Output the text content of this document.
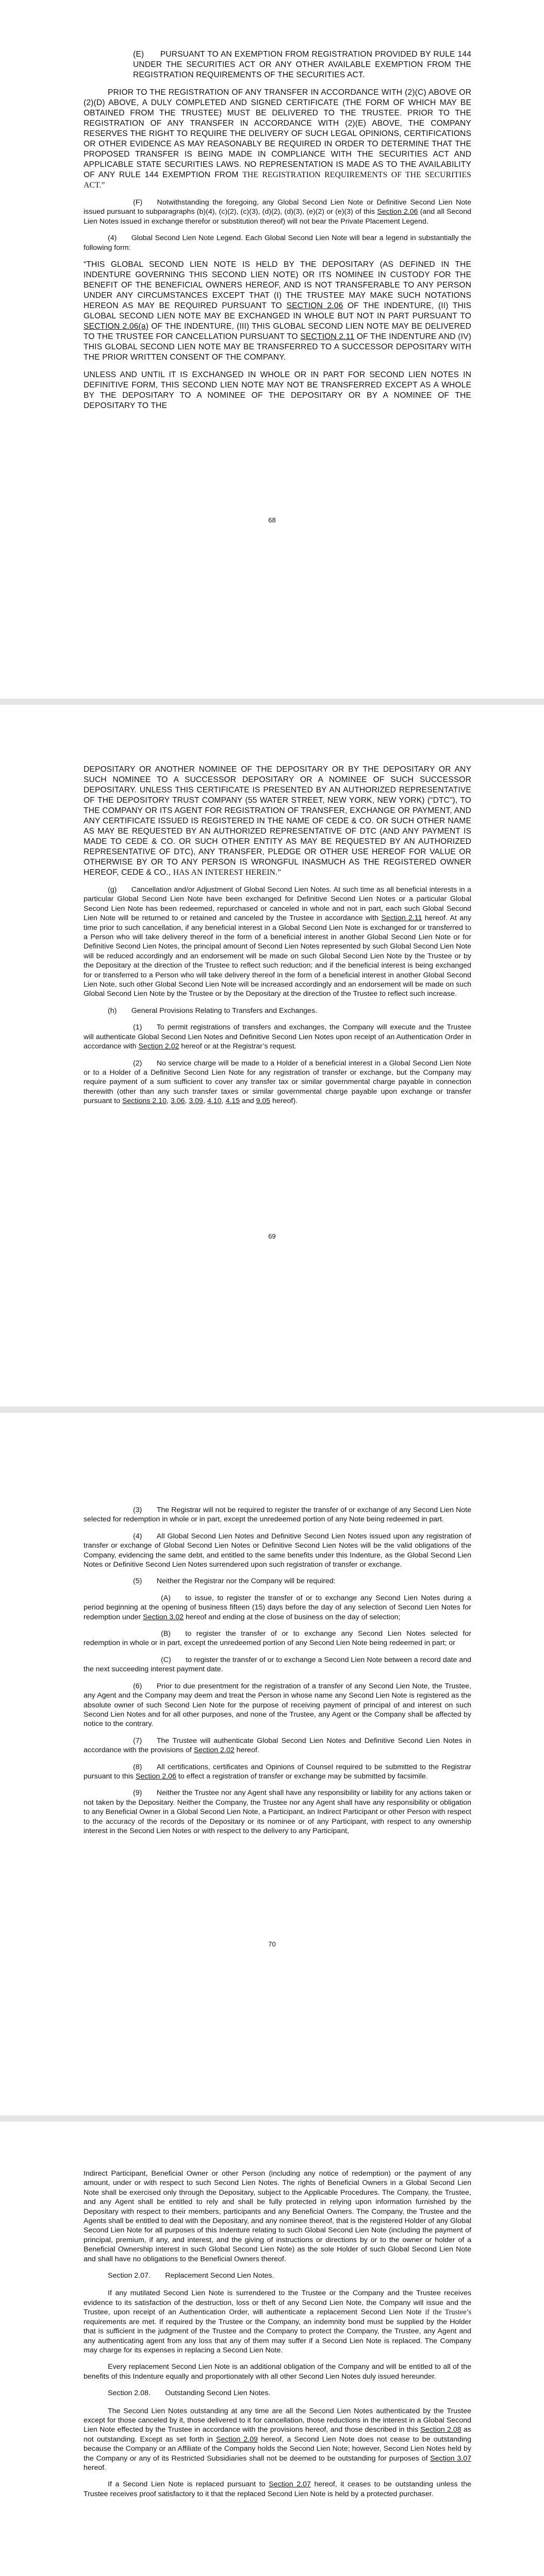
(E)  PURSUANT TO AN EXEMPTION FROM REGISTRATION PROVIDED BY RULE 144 UNDER THE SECURITIES ACT OR ANY OTHER AVAILABLE EXEMPTION FROM THE REGISTRATION REQUIREMENTS OF THE SECURITIES ACT.

PRIOR TO THE REGISTRATION OF ANY TRANSFER IN ACCORDANCE WITH (2)(C) ABOVE OR (2)(D) ABOVE, A DULY COMPLETED AND SIGNED CERTIFICATE (THE FORM OF WHICH MAY BE OBTAINED FROM THE TRUSTEE) MUST BE DELIVERED TO THE TRUSTEE. PRIOR TO THE REGISTRATION OF ANY TRANSFER IN ACCORDANCE WITH (2)(E) ABOVE, THE COMPANY RESERVES THE RIGHT TO REQUIRE THE DELIVERY OF SUCH LEGAL OPINIONS, CERTIFICATIONS OR OTHER EVIDENCE AS MAY REASONABLY BE REQUIRED IN ORDER TO DETERMINE THAT THE PROPOSED TRANSFER IS BEING MADE IN COMPLIANCE WITH THE SECURITIES ACT AND APPLICABLE STATE SECURITIES LAWS. NO REPRESENTATION IS MADE AS TO THE AVAILABILITY OF ANY RULE 144 EXEMPTION FROM THE REGISTRATION REQUIREMENTS OF THE SECURITIES ACT.”

(F)  Notwithstanding the foregoing, any Global Second Lien Note or Definitive Second Lien Note issued pursuant to subparagraphs (b)(4), (c)(2), (c)(3), (d)(2), (d)(3), (e)(2) or (e)(3) of this Section 2.06 (and all Second Lien Notes issued in exchange therefor or substitution thereof) will not bear the Private Placement Legend.

(4)  Global Second Lien Note Legend. Each Global Second Lien Note will bear a legend in substantially the following form:

“THIS GLOBAL SECOND LIEN NOTE IS HELD BY THE DEPOSITARY (AS DEFINED IN THE INDENTURE GOVERNING THIS SECOND LIEN NOTE) OR ITS NOMINEE IN CUSTODY FOR THE BENEFIT OF THE BENEFICIAL OWNERS HEREOF, AND IS NOT TRANSFERABLE TO ANY PERSON UNDER ANY CIRCUMSTANCES EXCEPT THAT (I) THE TRUSTEE MAY MAKE SUCH NOTATIONS HEREON AS MAY BE REQUIRED PURSUANT TO SECTION 2.06 OF THE INDENTURE, (II) THIS GLOBAL SECOND LIEN NOTE MAY BE EXCHANGED IN WHOLE BUT NOT IN PART PURSUANT TO SECTION 2.06(a) OF THE INDENTURE, (III) THIS GLOBAL SECOND LIEN NOTE MAY BE DELIVERED TO THE TRUSTEE FOR CANCELLATION PURSUANT TO SECTION 2.11 OF THE INDENTURE AND (IV) THIS GLOBAL SECOND LIEN NOTE MAY BE TRANSFERRED TO A SUCCESSOR DEPOSITARY WITH THE PRIOR WRITTEN CONSENT OF THE COMPANY.

UNLESS AND UNTIL IT IS EXCHANGED IN WHOLE OR IN PART FOR SECOND LIEN NOTES IN DEFINITIVE FORM, THIS SECOND LIEN NOTE MAY NOT BE TRANSFERRED EXCEPT AS A WHOLE BY THE DEPOSITARY TO A NOMINEE OF THE DEPOSITARY OR BY A NOMINEE OF THE DEPOSITARY TO THE

68

DEPOSITARY OR ANOTHER NOMINEE OF THE DEPOSITARY OR BY THE DEPOSITARY OR ANY SUCH NOMINEE TO A SUCCESSOR DEPOSITARY OR A NOMINEE OF SUCH SUCCESSOR DEPOSITARY. UNLESS THIS CERTIFICATE IS PRESENTED BY AN AUTHORIZED REPRESENTATIVE OF THE DEPOSITORY TRUST COMPANY (55 WATER STREET, NEW YORK, NEW YORK) (“DTC”), TO THE COMPANY OR ITS AGENT FOR REGISTRATION OF TRANSFER, EXCHANGE OR PAYMENT, AND ANY CERTIFICATE ISSUED IS REGISTERED IN THE NAME OF CEDE & CO. OR SUCH OTHER NAME AS MAY BE REQUESTED BY AN AUTHORIZED REPRESENTATIVE OF DTC (AND ANY PAYMENT IS MADE TO CEDE & CO. OR SUCH OTHER ENTITY AS MAY BE REQUESTED BY AN AUTHORIZED REPRESENTATIVE OF DTC), ANY TRANSFER, PLEDGE OR OTHER USE HEREOF FOR VALUE OR OTHERWISE BY OR TO ANY PERSON IS WRONGFUL INASMUCH AS THE REGISTERED OWNER HEREOF, CEDE & CO., HAS AN INTEREST HEREIN.”

(g)  Cancellation and/or Adjustment of Global Second Lien Notes. At such time as all beneficial interests in a particular Global Second Lien Note have been exchanged for Definitive Second Lien Notes or a particular Global Second Lien Note has been redeemed, repurchased or canceled in whole and not in part, each such Global Second Lien Note will be returned to or retained and canceled by the Trustee in accordance with Section 2.11 hereof. At any time prior to such cancellation, if any beneficial interest in a Global Second Lien Note is exchanged for or transferred to a Person who will take delivery thereof in the form of a beneficial interest in another Global Second Lien Note or for Definitive Second Lien Notes, the principal amount of Second Lien Notes represented by such Global Second Lien Note will be reduced accordingly and an endorsement will be made on such Global Second Lien Note by the Trustee or by the Depositary at the direction of the Trustee to reflect such reduction; and if the beneficial interest is being exchanged for or transferred to a Person who will take delivery thereof in the form of a beneficial interest in another Global Second Lien Note, such other Global Second Lien Note will be increased accordingly and an endorsement will be made on such Global Second Lien Note by the Trustee or by the Depositary at the direction of the Trustee to reflect such increase.

(h)  General Provisions Relating to Transfers and Exchanges.

(1)  To permit registrations of transfers and exchanges, the Company will execute and the Trustee will authenticate Global Second Lien Notes and Definitive Second Lien Notes upon receipt of an Authentication Order in accordance with Section 2.02 hereof or at the Registrar’s request.

(2)  No service charge will be made to a Holder of a beneficial interest in a Global Second Lien Note or to a Holder of a Definitive Second Lien Note for any registration of transfer or exchange, but the Company may require payment of a sum sufficient to cover any transfer tax or similar governmental charge payable in connection therewith (other than any such transfer taxes or similar governmental charge payable upon exchange or transfer pursuant to Sections 2.10, 3.06, 3.09, 4.10, 4.15 and 9.05 hereof).

69

(3)  The Registrar will not be required to register the transfer of or exchange of any Second Lien Note selected for redemption in whole or in part, except the unredeemed portion of any Note being redeemed in part.

(4)  All Global Second Lien Notes and Definitive Second Lien Notes issued upon any registration of transfer or exchange of Global Second Lien Notes or Definitive Second Lien Notes will be the valid obligations of the Company, evidencing the same debt, and entitled to the same benefits under this Indenture, as the Global Second Lien Notes or Definitive Second Lien Notes surrendered upon such registration of transfer or exchange.

(5)  Neither the Registrar nor the Company will be required:

(A)  to issue, to register the transfer of or to exchange any Second Lien Notes during a period beginning at the opening of business fifteen (15) days before the day of any selection of Second Lien Notes for redemption under Section 3.02 hereof and ending at the close of business on the day of selection;

(B)  to register the transfer of or to exchange any Second Lien Notes selected for redemption in whole or in part, except the unredeemed portion of any Second Lien Note being redeemed in part; or

(C)  to register the transfer of or to exchange a Second Lien Note between a record date and the next succeeding interest payment date.

(6)  Prior to due presentment for the registration of a transfer of any Second Lien Note, the Trustee, any Agent and the Company may deem and treat the Person in whose name any Second Lien Note is registered as the absolute owner of such Second Lien Note for the purpose of receiving payment of principal of and interest on such Second Lien Notes and for all other purposes, and none of the Trustee, any Agent or the Company shall be affected by notice to the contrary.

(7)  The Trustee will authenticate Global Second Lien Notes and Definitive Second Lien Notes in accordance with the provisions of Section 2.02 hereof.

(8)  All certifications, certificates and Opinions of Counsel required to be submitted to the Registrar pursuant to this Section 2.06 to effect a registration of transfer or exchange may be submitted by facsimile.

(9)  Neither the Trustee nor any Agent shall have any responsibility or liability for any actions taken or not taken by the Depositary. Neither the Company, the Trustee nor any Agent shall have any responsibility or obligation to any Beneficial Owner in a Global Second Lien Note, a Participant, an Indirect Participant or other Person with respect to the accuracy of the records of the Depositary or its nominee or of any Participant, with respect to any ownership interest in the Second Lien Notes or with respect to the delivery to any Participant,

70

Indirect Participant, Beneficial Owner or other Person (including any notice of redemption) or the payment of any amount, under or with respect to such Second Lien Notes. The rights of Beneficial Owners in a Global Second Lien Note shall be exercised only through the Depositary, subject to the Applicable Procedures. The Company, the Trustee, and any Agent shall be entitled to rely and shall be fully protected in relying upon information furnished by the Depositary with respect to their members, participants and any Beneficial Owners. The Company, the Trustee and the Agents shall be entitled to deal with the Depositary, and any nominee thereof, that is the registered Holder of any Global Second Lien Note for all purposes of this Indenture relating to such Global Second Lien Note (including the payment of principal, premium, if any, and interest, and the giving of instructions or directions by or to the owner or holder of a Beneficial Ownership interest in such Global Second Lien Note) as the sole Holder of such Global Second Lien Note and shall have no obligations to the Beneficial Owners thereof.

Section 2.07.  Replacement Second Lien Notes.

If any mutilated Second Lien Note is surrendered to the Trustee or the Company and the Trustee receives evidence to its satisfaction of the destruction, loss or theft of any Second Lien Note, the Company will issue and the Trustee, upon receipt of an Authentication Order, will authenticate a replacement Second Lien Note if the Trustee’s requirements are met. If required by the Trustee or the Company, an indemnity bond must be supplied by the Holder that is sufficient in the judgment of the Trustee and the Company to protect the Company, the Trustee, any Agent and any authenticating agent from any loss that any of them may suffer if a Second Lien Note is replaced. The Company may charge for its expenses in replacing a Second Lien Note.

Every replacement Second Lien Note is an additional obligation of the Company and will be entitled to all of the benefits of this Indenture equally and proportionately with all other Second Lien Notes duly issued hereunder.

Section 2.08.  Outstanding Second Lien Notes.

The Second Lien Notes outstanding at any time are all the Second Lien Notes authenticated by the Trustee except for those canceled by it, those delivered to it for cancellation, those reductions in the interest in a Global Second Lien Note effected by the Trustee in accordance with the provisions hereof, and those described in this Section 2.08 as not outstanding. Except as set forth in Section 2.09 hereof, a Second Lien Note does not cease to be outstanding because the Company or an Affiliate of the Company holds the Second Lien Note; however, Second Lien Notes held by the Company or any of its Restricted Subsidiaries shall not be deemed to be outstanding for purposes of Section 3.07 hereof.

If a Second Lien Note is replaced pursuant to Section 2.07 hereof, it ceases to be outstanding unless the Trustee receives proof satisfactory to it that the replaced Second Lien Note is held by a protected purchaser.
